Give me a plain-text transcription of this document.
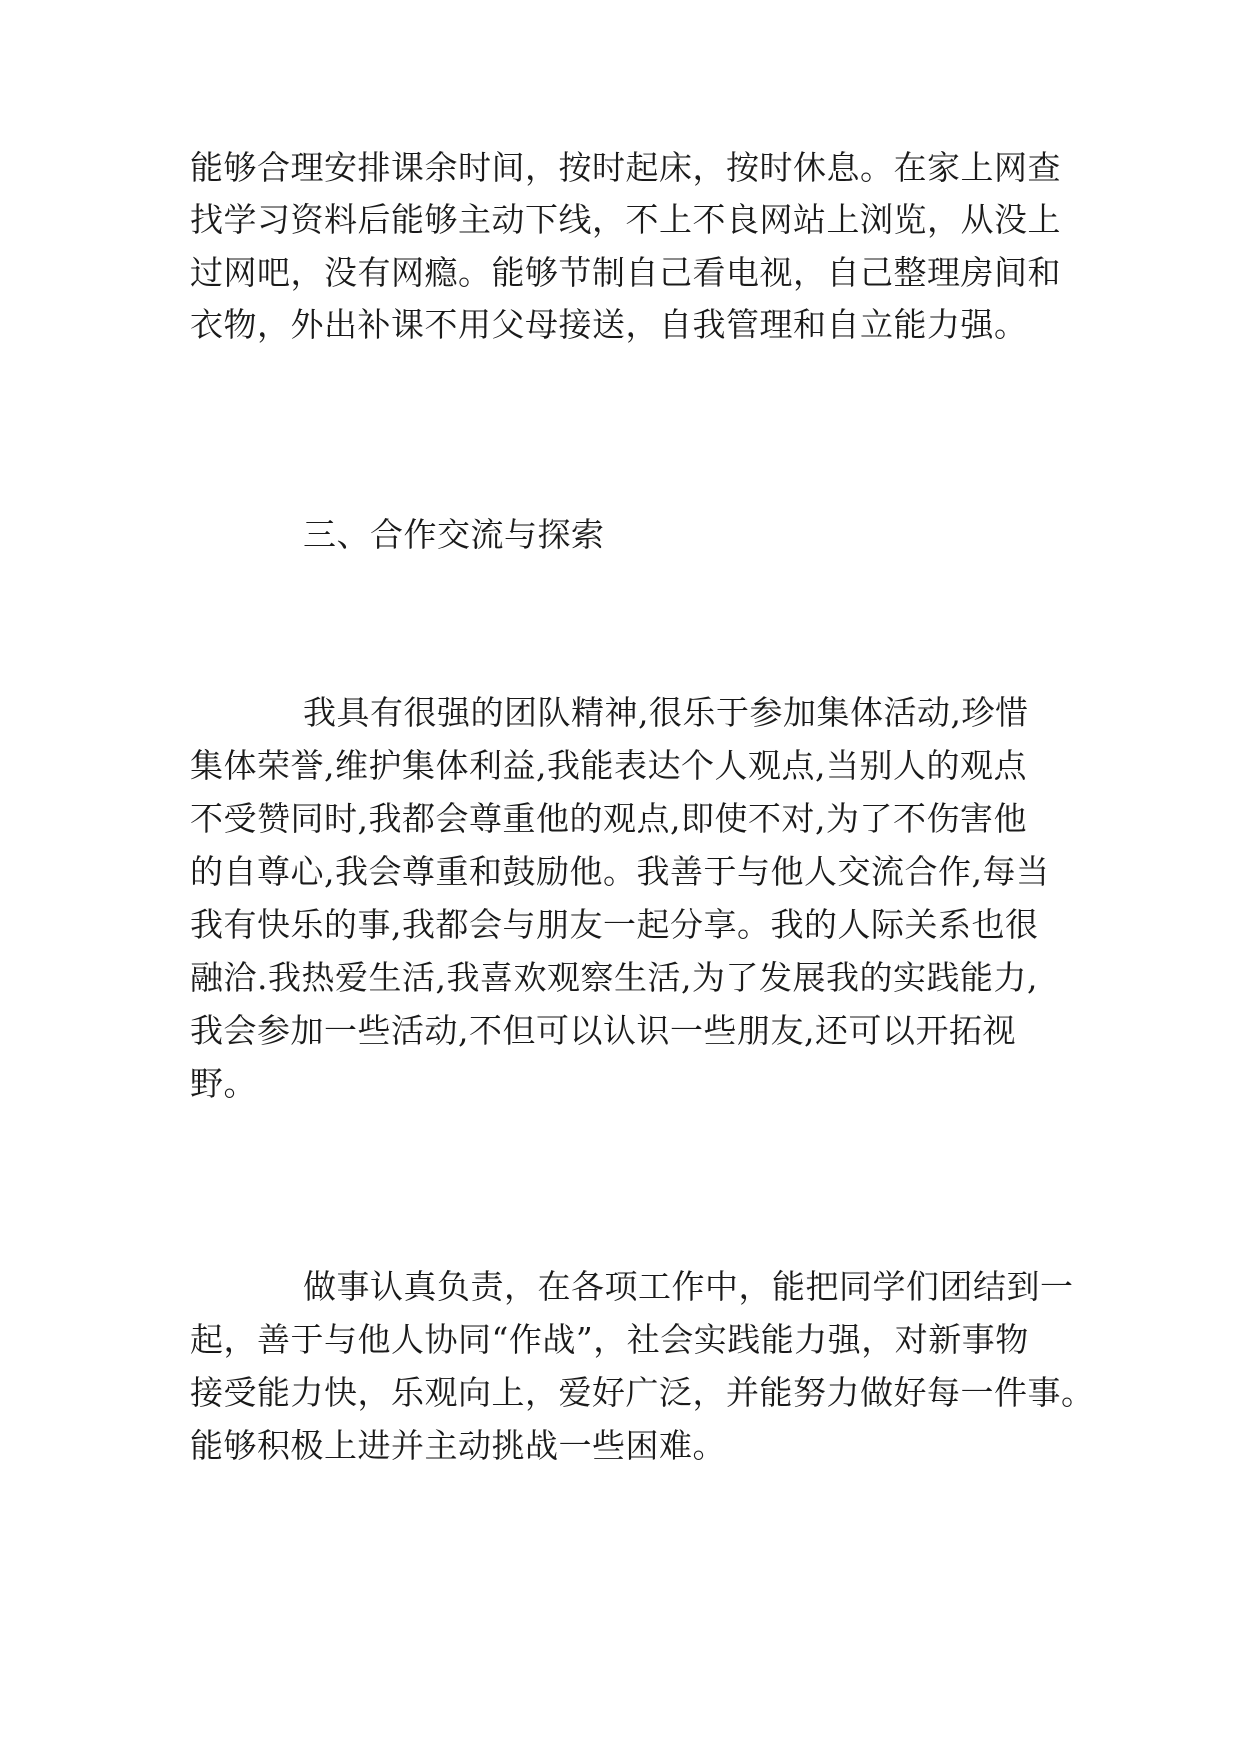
能够合理安排课余时间，按时起床，按时休息。在家上网查
找学习资料后能够主动下线，不上不良网站上浏览，从没上
过网吧，没有网瘾。能够节制自己看电视，自己整理房间和
衣物，外出补课不用父母接送，自我管理和自立能力强。
三、合作交流与探索
我具有很强的团队精神,很乐于参加集体活动,珍惜
集体荣誉,维护集体利益,我能表达个人观点,当别人的观点
不受赞同时,我都会尊重他的观点,即使不对,为了不伤害他
的自尊心,我会尊重和鼓励他。我善于与他人交流合作,每当
我有快乐的事,我都会与朋友一起分享。我的人际关系也很
融洽.我热爱生活,我喜欢观察生活,为了发展我的实践能力,
我会参加一些活动,不但可以认识一些朋友,还可以开拓视
野。
做事认真负责，在各项工作中，能把同学们团结到一
起，善于与他人协同“作战”，社会实践能力强，对新事物
接受能力快，乐观向上，爱好广泛，并能努力做好每一件事。
能够积极上进并主动挑战一些困难。
